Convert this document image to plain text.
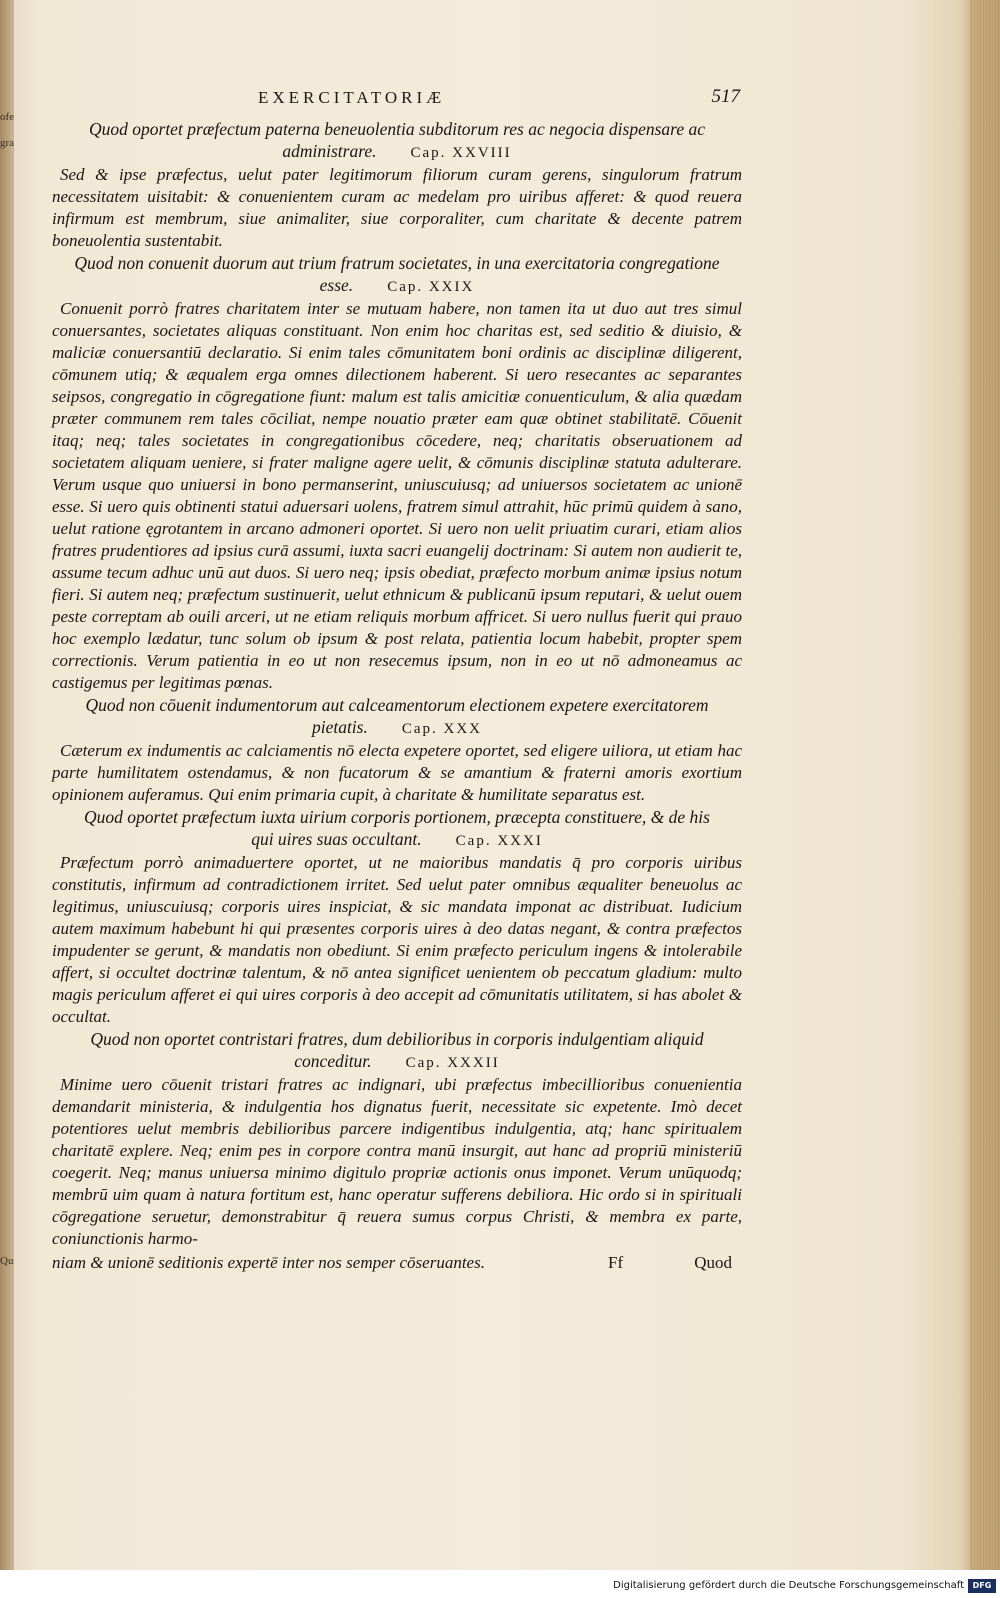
ofe
gra
Qu
EXERCITATORIÆ	517

Quod oportet præfectum paterna beneuolentia subditorum res ac negocia dispensare ac administrare. Cap. XXVIII

Sed & ipse præfectus, uelut pater legitimorum filiorum curam gerens, singulorum fratrum necessitatem uisitabit: & conuenientem curam ac medelam pro uiribus afferet: & quod reuera infirmum est membrum, siue animaliter, siue corporaliter, cum charitate & decente patrem boneuolentia sustentabit.

Quod non conuenit duorum aut trium fratrum societates, in una exercitatoria congregatione esse. Cap. XXIX

Conuenit porrò fratres charitatem inter se mutuam habere, non tamen ita ut duo aut tres simul conuersantes, societates aliquas constituant. Non enim hoc charitas est, sed seditio & diuisio, & maliciæ conuersantiū declaratio. Si enim tales cōmunitatem boni ordinis ac disciplinæ diligerent, cōmunem utiq; & æqualem erga omnes dilectionem haberent. Si uero resecantes ac separantes seipsos, congregatio in cōgregatione fiunt: malum est talis amicitiæ conuenticulum, & alia quædam præter communem rem tales cōciliat, nempe nouatio præter eam quæ obtinet stabilitatē. Cōuenit itaq; neq; tales societates in congregationibus cōcedere, neq; charitatis obseruationem ad societatem aliquam ueniere, si frater maligne agere uelit, & cōmunis disciplinæ statuta adulterare. Verum usque quo uniuersi in bono permanserint, uniuscuiusq; ad uniuersos societatem ac unionē esse. Si uero quis obtinenti statui aduersari uolens, fratrem simul attrahit, hūc primū quidem à sano, uelut ratione ęgrotantem in arcano admoneri oportet. Si uero non uelit priuatim curari, etiam alios fratres prudentiores ad ipsius curā assumi, iuxta sacri euangelij doctrinam: Si autem non audierit te, assume tecum adhuc unū aut duos. Si uero neq; ipsis obediat, præfecto morbum animæ ipsius notum fieri. Si autem neq; præfectum sustinuerit, uelut ethnicum & publicanū ipsum reputari, & uelut ouem peste correptam ab ouili arceri, ut ne etiam reliquis morbum affricet. Si uero nullus fuerit qui prauo hoc exemplo lædatur, tunc solum ob ipsum & post relata, patientia locum habebit, propter spem correctionis. Verum patientia in eo ut non resecemus ipsum, non in eo ut nō admoneamus ac castigemus per legitimas pœnas.

Quod non cōuenit indumentorum aut calceamentorum electionem expetere exercitatorem pietatis. Cap. XXX

Cæterum ex indumentis ac calciamentis nō electa expetere oportet, sed eligere uiliora, ut etiam hac parte humilitatem ostendamus, & non fucatorum & se amantium & fraterni amoris exortium opinionem auferamus. Qui enim primaria cupit, à charitate & humilitate separatus est.

Quod oportet præfectum iuxta uirium corporis portionem, præcepta constituere, & de his qui uires suas occultant. Cap. XXXI

Præfectum porrò animaduertere oportet, ut ne maioribus mandatis q̄ pro corporis uiribus constitutis, infirmum ad contradictionem irritet. Sed uelut pater omnibus æqualiter beneuolus ac legitimus, uniuscuiusq; corporis uires inspiciat, & sic mandata imponat ac distribuat. Iudicium autem maximum habebunt hi qui præsentes corporis uires à deo datas negant, & contra præfectos impudenter se gerunt, & mandatis non obediunt. Si enim præfecto periculum ingens & intolerabile affert, si occultet doctrinæ talentum, & nō antea significet uenientem ob peccatum gladium: multo magis periculum afferet ei qui uires corporis à deo accepit ad cōmunitatis utilitatem, si has abolet & occultat.

Quod non oportet contristari fratres, dum debilioribus in corporis indulgentiam aliquid conceditur. Cap. XXXII

Minime uero cōuenit tristari fratres ac indignari, ubi præfectus imbecillioribus conuenientia demandarit ministeria, & indulgentia hos dignatus fuerit, necessitate sic expetente. Imò decet potentiores uelut membris debilioribus parcere indigentibus indulgentia, atq; hanc spiritualem charitatē explere. Neq; enim pes in corpore contra manū insurgit, aut hanc ad propriū ministeriū coegerit. Neq; manus uniuersa minimo digitulo propriæ actionis onus imponet. Verum unūquodq; membrū uim quam à natura fortitum est, hanc operatur sufferens debiliora. Hic ordo si in spirituali cōgregatione seruetur, demonstrabitur q̄ reuera sumus corpus Christi, & membra ex parte, coniunctionis harmo-

niam & unionē seditionis expertē inter nos semper cōseruantes.	Ff	Quod
Digitalisierung gefördert durch die Deutsche Forschungsgemeinschaft	DFG
